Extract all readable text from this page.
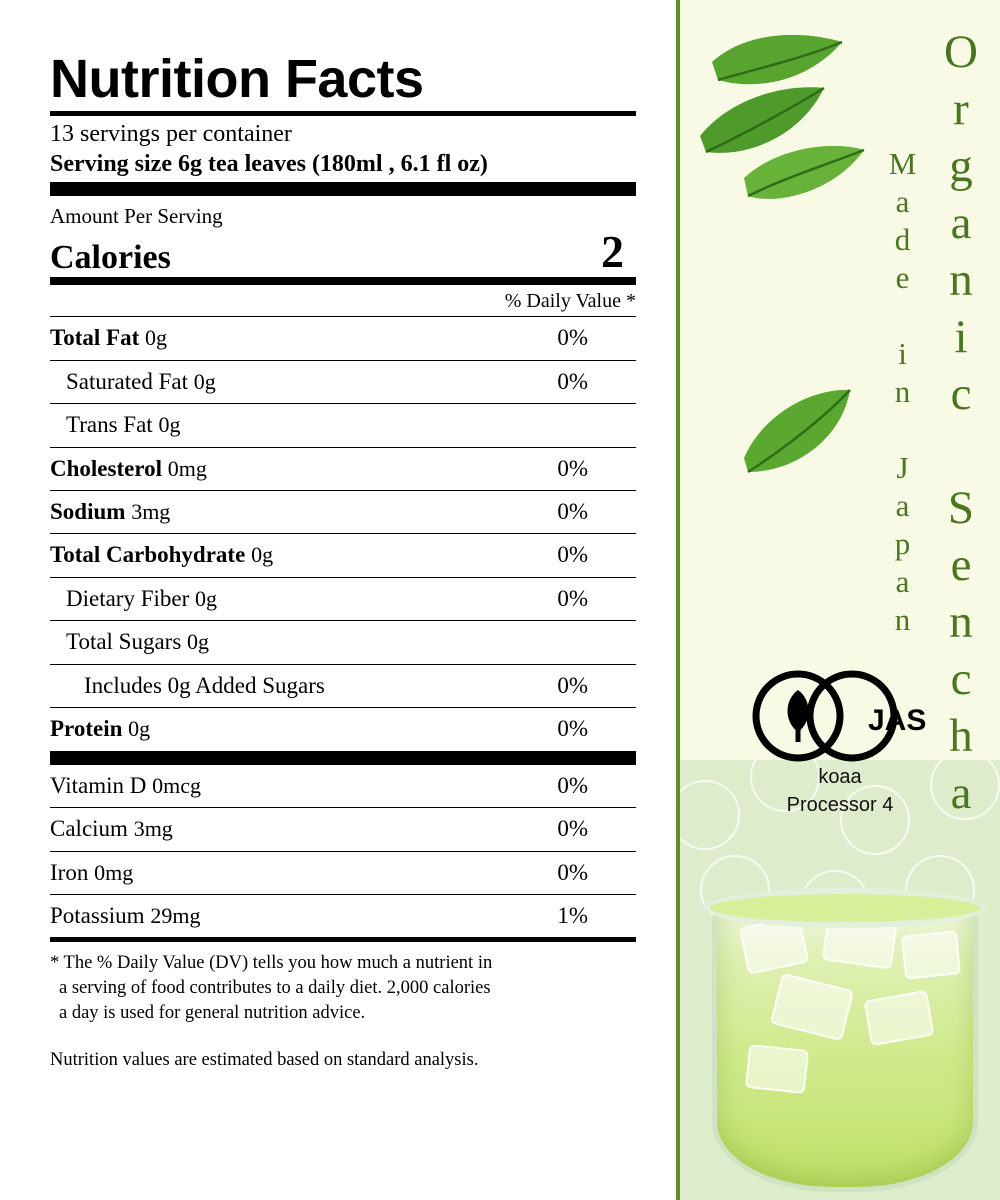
Nutrition Facts
13 servings per container
Serving size 6g tea leaves (180ml , 6.1 fl oz)
Amount Per Serving
Calories	2
% Daily Value *
Total Fat 0g	0%
Saturated Fat 0g	0%
Trans Fat 0g
Cholesterol 0mg	0%
Sodium 3mg	0%
Total Carbohydrate 0g	0%
Dietary Fiber 0g	0%
Total Sugars 0g
Includes 0g Added Sugars	0%
Protein 0g	0%
Vitamin D 0mcg	0%
Calcium 3mg	0%
Iron 0mg	0%
Potassium 29mg	1%
* The % Daily Value (DV) tells you how much a nutrient in
a serving of food contributes to a daily diet. 2,000 calories
a day is used for general nutrition advice.
Nutrition values are estimated based on standard analysis.
Organic Sencha
Made in Japan
JAS
koaa
Processor 4
